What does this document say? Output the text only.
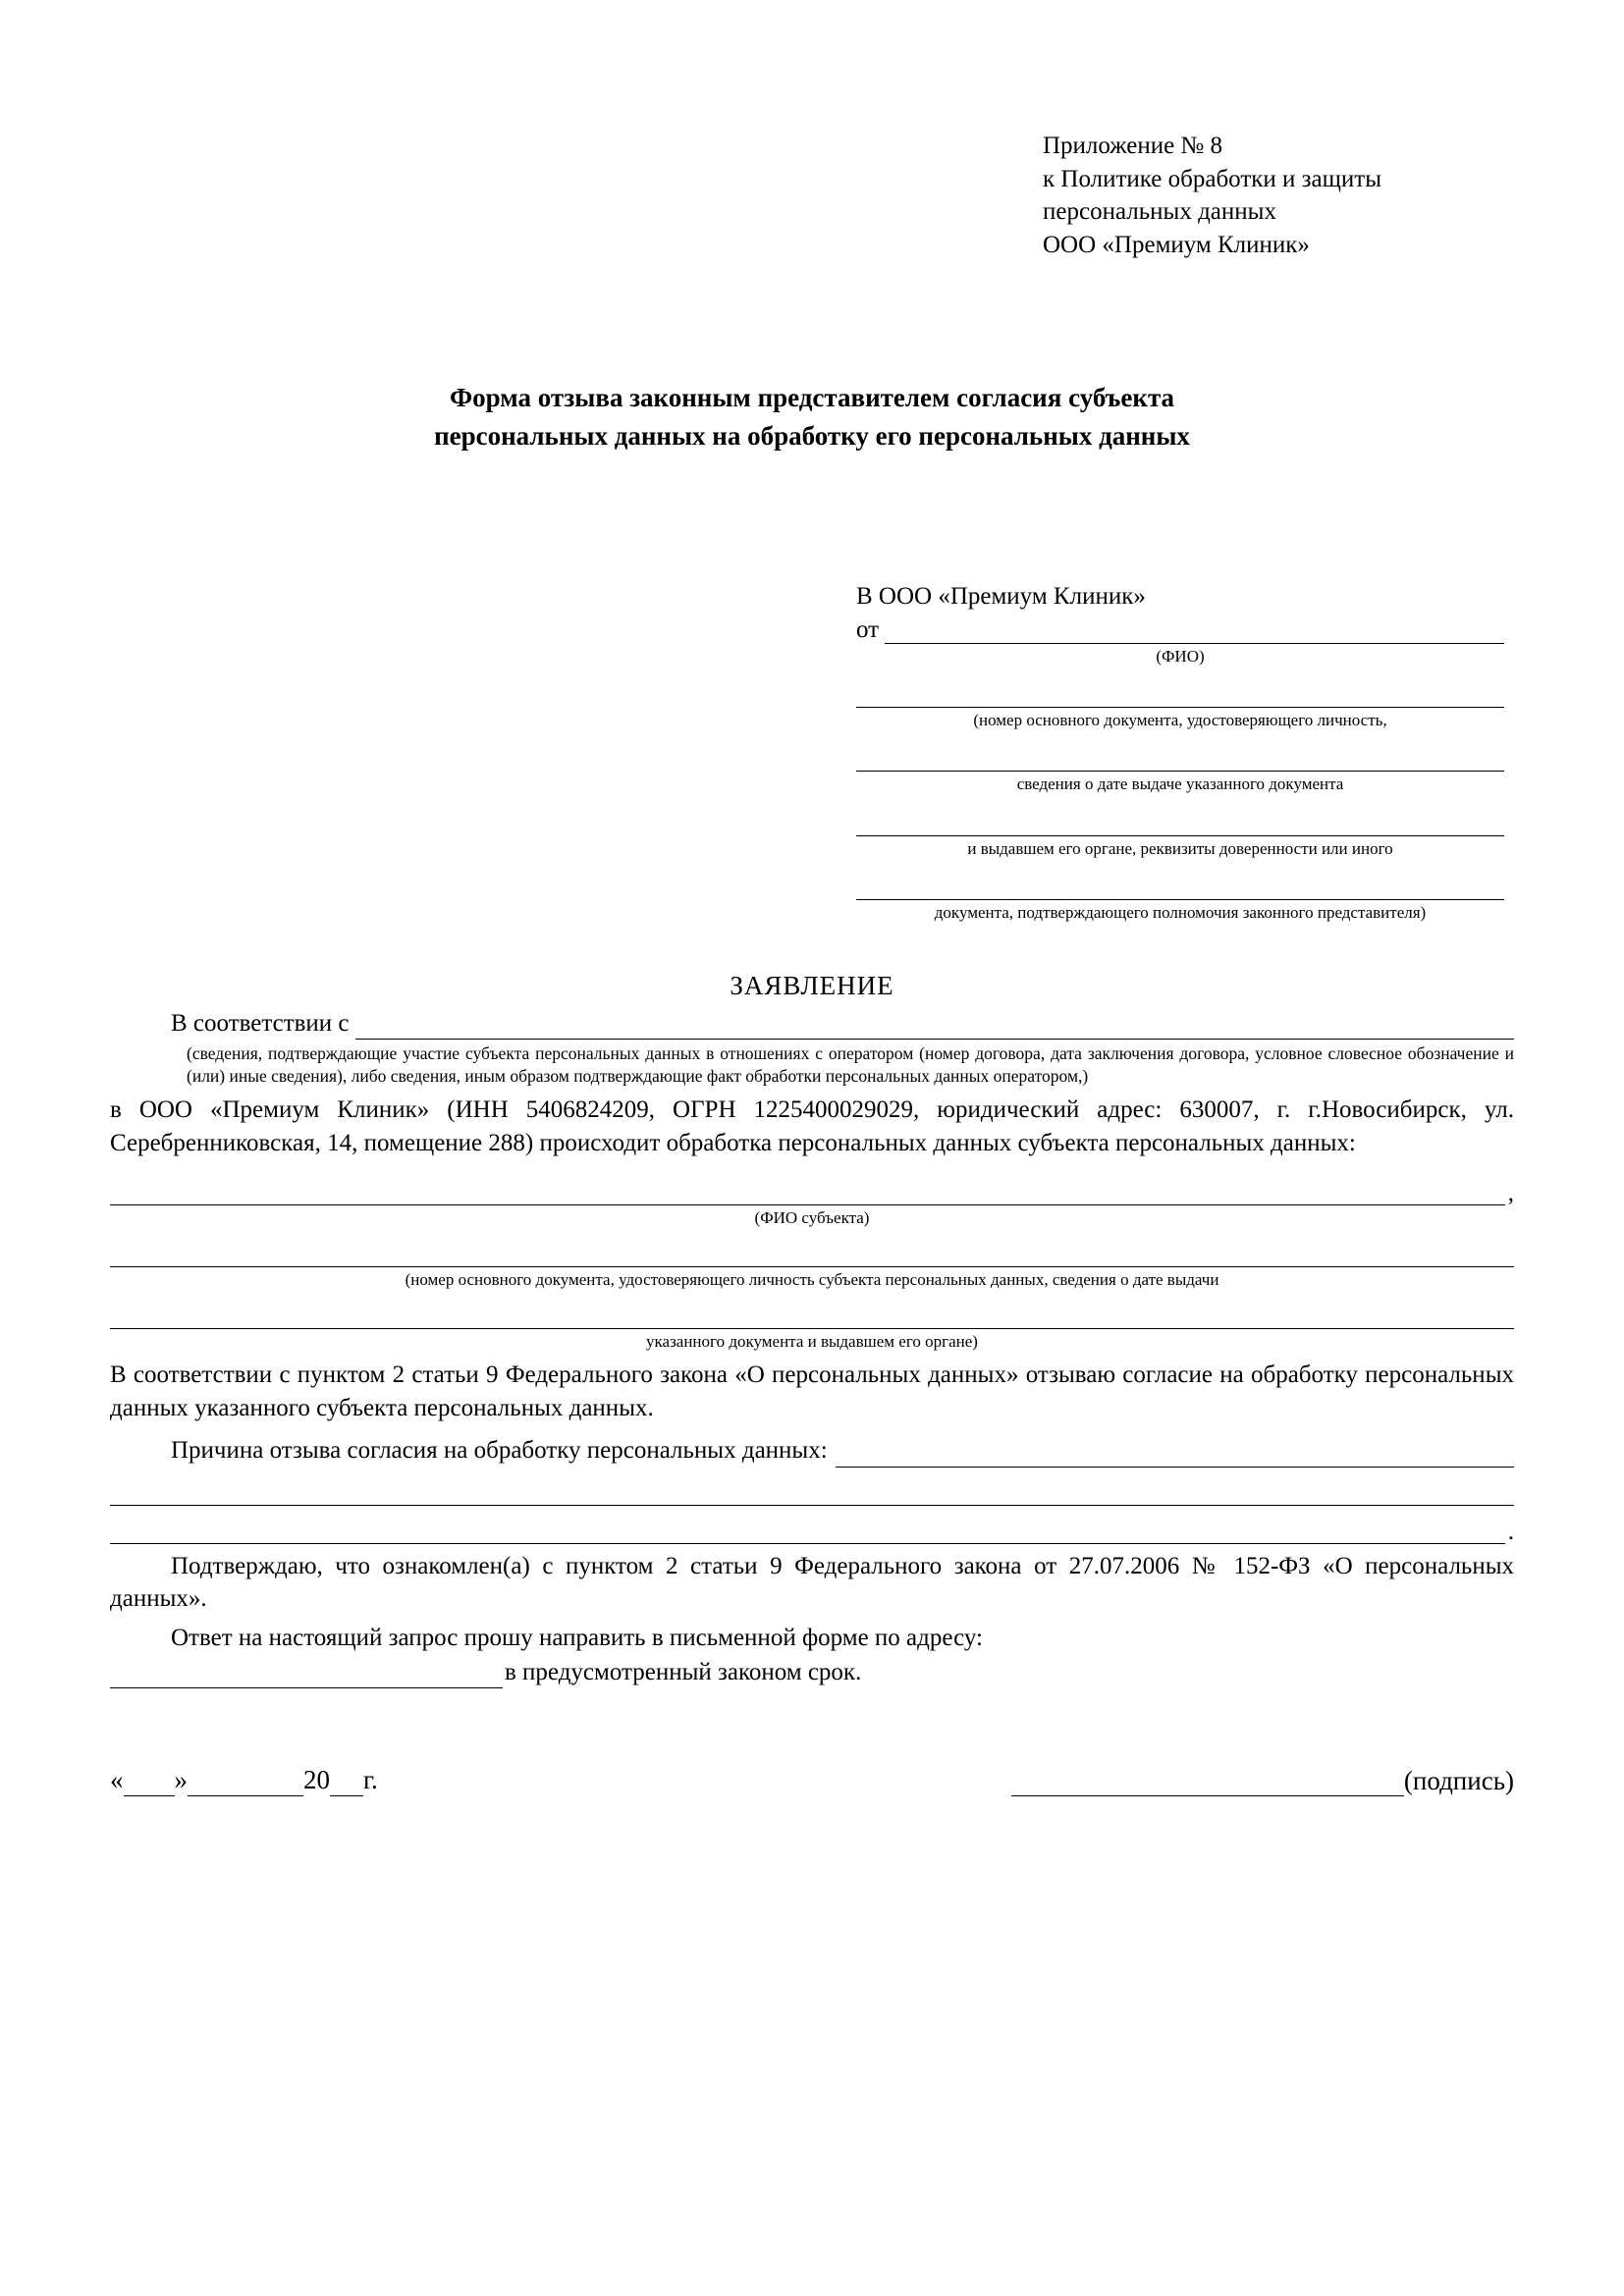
Приложение № 8
к Политике обработки и защиты
персональных данных
ООО «Премиум Клиник»
Форма отзыва законным представителем согласия субъекта
персональных данных на обработку его персональных данных
В ООО «Премиум Клиник»
от
(ФИО)
(номер основного документа, удостоверяющего личность,
сведения о дате выдаче указанного документа
и выдавшем его органе, реквизиты доверенности или иного
документа, подтверждающего полномочия законного представителя)
ЗАЯВЛЕНИЕ
В соответствии с
(сведения, подтверждающие участие субъекта персональных данных в отношениях с оператором (номер договора, дата заключения договора, условное словесное обозначение и (или) иные сведения), либо сведения, иным образом подтверждающие факт обработки персональных данных оператором,)
в ООО «Премиум Клиник» (ИНН 5406824209, ОГРН 1225400029029, юридический адрес: 630007, г. г.Новосибирск, ул. Серебренниковская, 14, помещение 288) происходит обработка персональных данных субъекта персональных данных:
,
(ФИО субъекта)
(номер основного документа, удостоверяющего личность субъекта персональных данных, сведения о дате выдачи
указанного документа и выдавшем его органе)
В соответствии с пунктом 2 статьи 9 Федерального закона «О персональных данных» отзываю согласие на обработку персональных данных указанного субъекта персональных данных.
Причина отзыва согласия на обработку персональных данных:
.
Подтверждаю, что ознакомлен(а) с пунктом 2 статьи 9 Федерального закона от 27.07.2006 № 152-ФЗ «О персональных данных».
Ответ на настоящий запрос прошу направить в письменной форме по адресу:
в предусмотренный законом срок.
« »	20 г.	(подпись)
